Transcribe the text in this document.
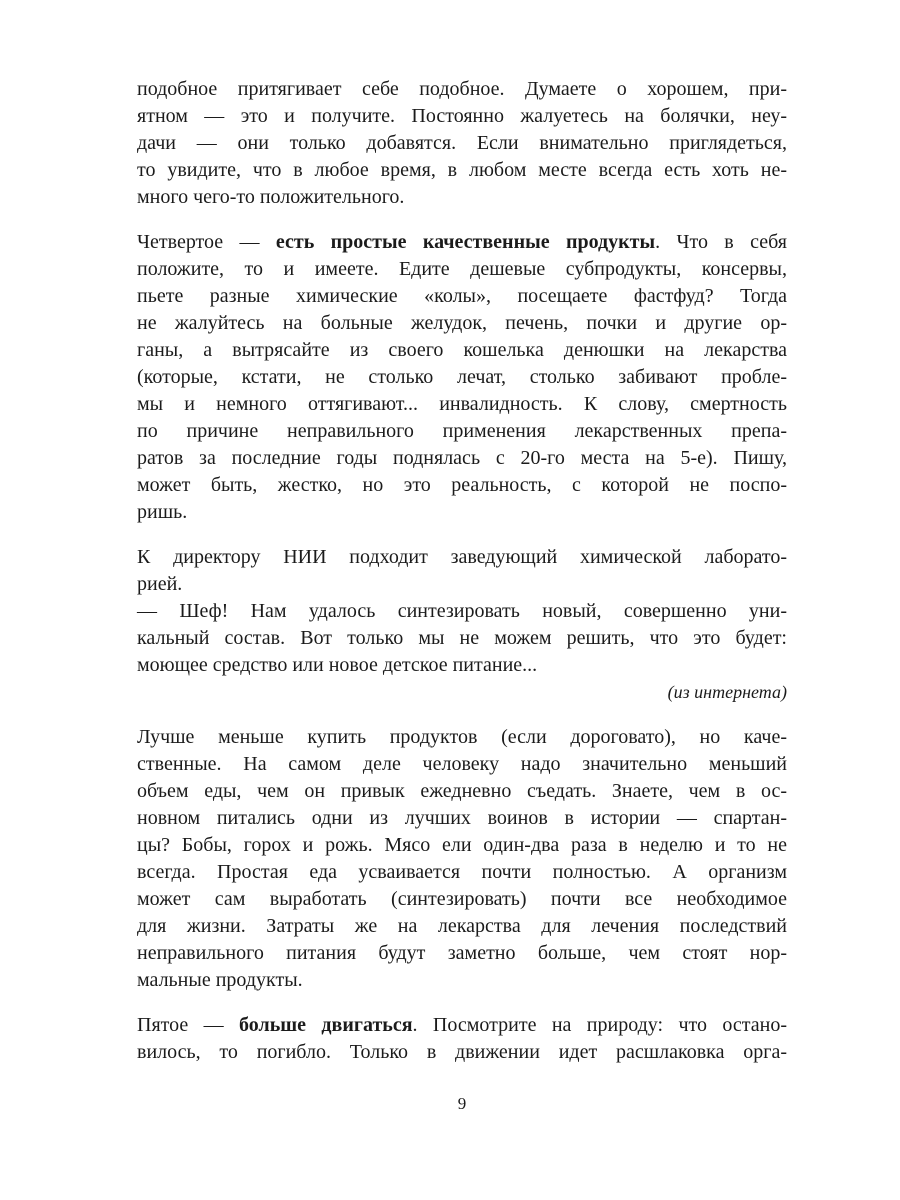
подобное притягивает себе подобное. Думаете о хорошем, при-
ятном — это и получите. Постоянно жалуетесь на болячки, неу-
дачи — они только добавятся. Если внимательно приглядеться,
то увидите, что в любое время, в любом месте всегда есть хоть не-
много чего-то положительного.
Четвертое — есть простые качественные продукты. Что в себя
положите, то и имеете. Едите дешевые субпродукты, консервы,
пьете разные химические «колы», посещаете фастфуд? Тогда
не жалуйтесь на больные желудок, печень, почки и другие ор-
ганы, а вытрясайте из своего кошелька денюшки на лекарства
(которые, кстати, не столько лечат, столько забивают пробле-
мы и немного оттягивают... инвалидность. К слову, смертность
по причине неправильного применения лекарственных препа-
ратов за последние годы поднялась с 20-го места на 5-е). Пишу,
может быть, жестко, но это реальность, с которой не поспо-
ришь.
К директору НИИ подходит заведующий химической лаборато-
рией.
— Шеф! Нам удалось синтезировать новый, совершенно уни-
кальный состав. Вот только мы не можем решить, что это будет:
моющее средство или новое детское питание...
(из интернета)
Лучше меньше купить продуктов (если дороговато), но каче-
ственные. На самом деле человеку надо значительно меньший
объем еды, чем он привык ежедневно съедать. Знаете, чем в ос-
новном питались одни из лучших воинов в истории — спартан-
цы? Бобы, горох и рожь. Мясо ели один-два раза в неделю и то не
всегда. Простая еда усваивается почти полностью. А организм
может сам выработать (синтезировать) почти все необходимое
для жизни. Затраты же на лекарства для лечения последствий
неправильного питания будут заметно больше, чем стоят нор-
мальные продукты.
Пятое — больше двигаться. Посмотрите на природу: что остано-
вилось, то погибло. Только в движении идет расшлаковка орга-
9
